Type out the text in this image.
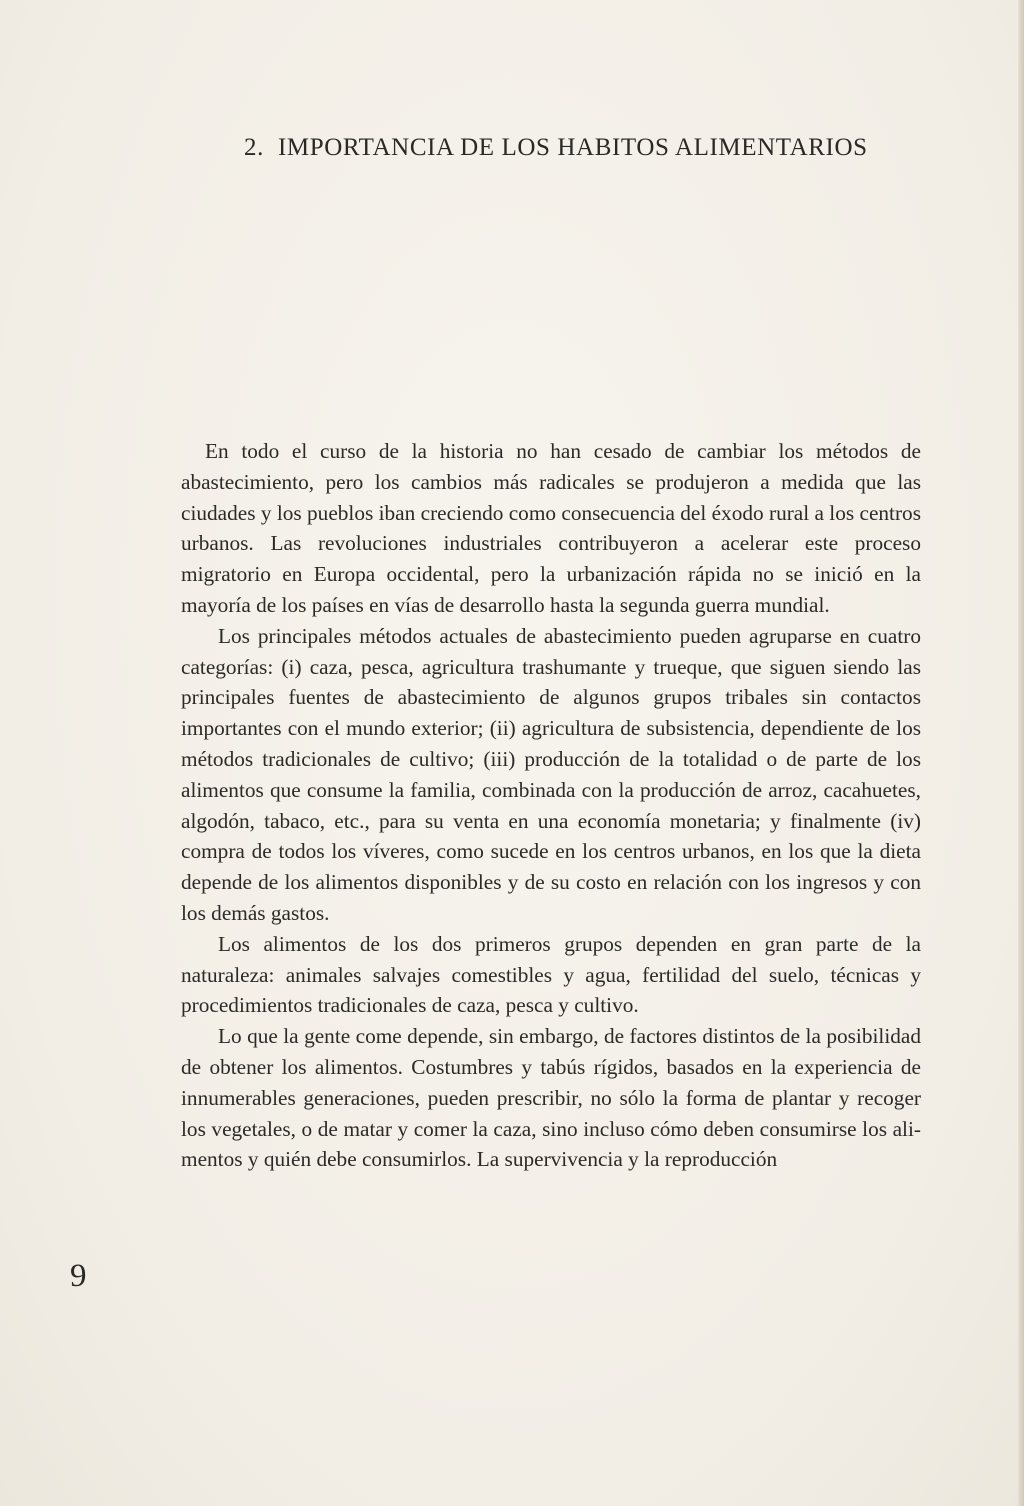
2. IMPORTANCIA DE LOS HABITOS ALIMENTARIOS

En todo el curso de la historia no han cesado de cambiar los métodos de abastecimiento, pero los cambios más radicales se produjeron a medida que las ciudades y los pueblos iban creciendo como consecuencia del éxodo rural a los centros urbanos. Las revoluciones industriales contribuyeron a acelerar este proceso migratorio en Europa occidental, pero la urbanización rápida no se inició en la mayoría de los países en vías de desarrollo hasta la segunda guerra mundial.

Los principales métodos actuales de abastecimiento pueden agruparse en cuatro categorías: (i) caza, pesca, agricultura trashumante y trueque, que siguen siendo las principales fuentes de abastecimiento de algunos grupos tribales sin contactos importantes con el mundo exterior; (ii) agricultura de subsistencia, dependiente de los métodos tradicionales de cultivo; (iii) producción de la totalidad o de parte de los alimentos que consume la familia, combinada con la producción de arroz, cacahuetes, algodón, tabaco, etc., para su venta en una economía monetaria; y finalmente (iv) compra de todos los víveres, como sucede en los centros urbanos, en los que la dieta depende de los alimentos disponibles y de su costo en relación con los ingresos y con los demás gastos.

Los alimentos de los dos primeros grupos dependen en gran parte de la naturaleza: animales salvajes comestibles y agua, fertilidad del suelo, técnicas y procedimientos tradicionales de caza, pesca y cultivo.

Lo que la gente come depende, sin embargo, de factores distintos de la posibilidad de obtener los alimentos. Costumbres y tabús rígidos, basados en la experiencia de innumerables generaciones, pueden prescribir, no sólo la forma de plantar y recoger los vegetales, o de matar y comer la caza, sino incluso cómo deben consumirse los alimentos y quién debe consumirlos. La supervivencia y la reproducción

9
